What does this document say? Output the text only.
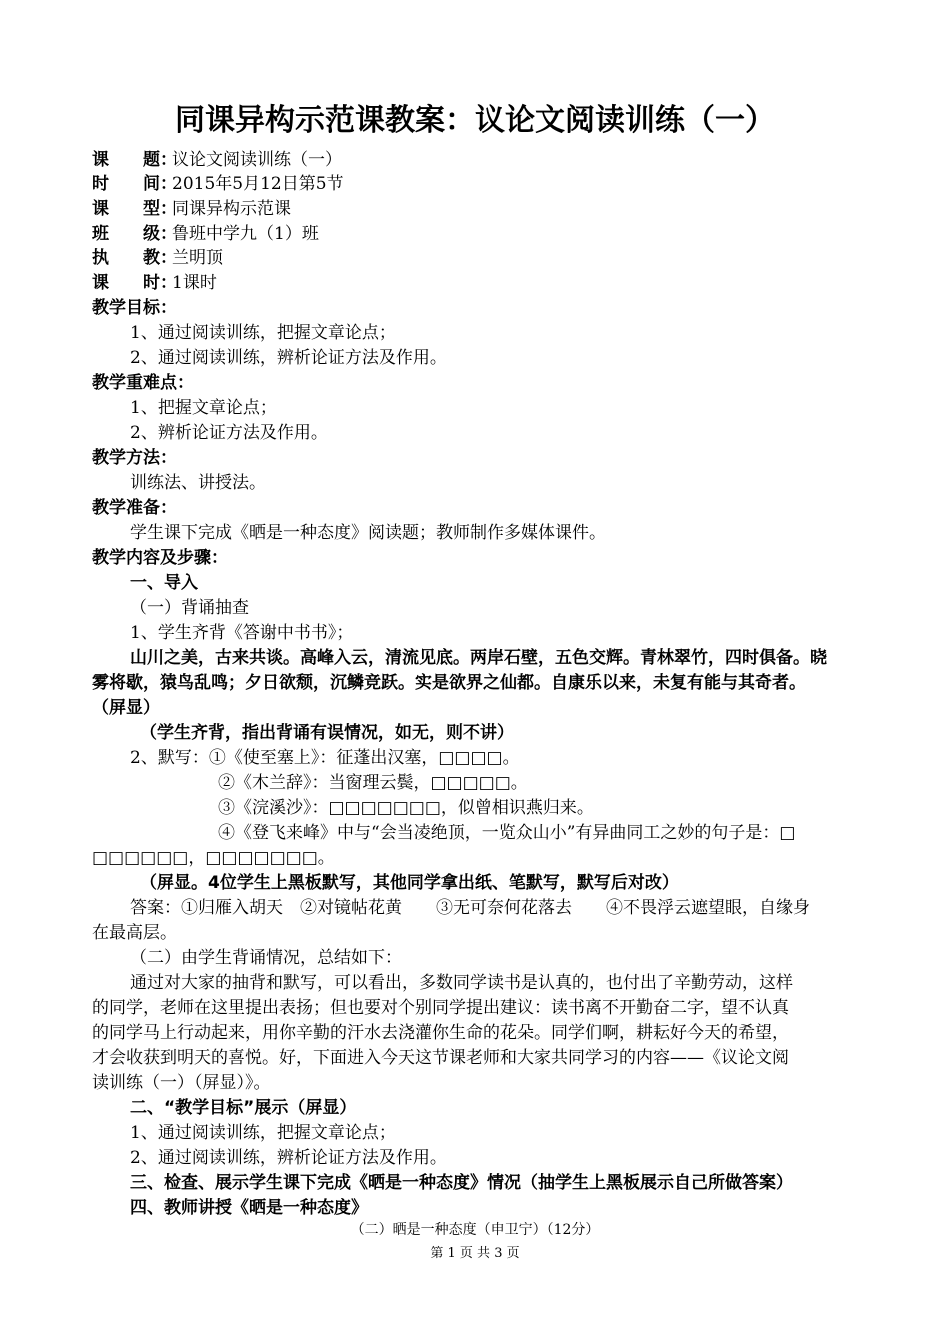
同课异构示范课教案：议论文阅读训练（一）
课　　题：议论文阅读训练（一）
时　　间：2015年5月12日第5节
课　　型：同课异构示范课
班　　级：鲁班中学九（1）班
执　　教：兰明顶
课　　时：1课时
教学目标：
1、通过阅读训练，把握文章论点；
2、通过阅读训练，辨析论证方法及作用。
教学重难点：
1、把握文章论点；
2、辨析论证方法及作用。
教学方法：
训练法、讲授法。
教学准备：
学生课下完成《晒是一种态度》阅读题；教师制作多媒体课件。
教学内容及步骤：
一、导入
（一）背诵抽查
1、学生齐背《答谢中书书》；
山川之美，古来共谈。高峰入云，清流见底。两岸石壁，五色交辉。青林翠竹，四时俱备。晓
雾将歇，猿鸟乱鸣；夕日欲颓，沉鳞竞跃。实是欲界之仙都。自康乐以来，未复有能与其奇者。
（屏显）
（学生齐背，指出背诵有误情况，如无，则不讲）
2、默写：①《使至塞上》：征蓬出汉塞，□□□□。
②《木兰辞》：当窗理云鬓，□□□□□。
③《浣溪沙》：□□□□□□□，似曾相识燕归来。
④《登飞来峰》中与“会当凌绝顶，一览众山小”有异曲同工之妙的句子是：□
□□□□□□，□□□□□□□。
（屏显。4位学生上黑板默写，其他同学拿出纸、笔默写，默写后对改）
答案：①归雁入胡天　②对镜帖花黄　　③无可奈何花落去　　④不畏浮云遮望眼，自缘身
在最高层。
（二）由学生背诵情况，总结如下：
通过对大家的抽背和默写，可以看出，多数同学读书是认真的，也付出了辛勤劳动，这样
的同学，老师在这里提出表扬；但也要对个别同学提出建议：读书离不开勤奋二字，望不认真
的同学马上行动起来，用你辛勤的汗水去浇灌你生命的花朵。同学们啊，耕耘好今天的希望，
才会收获到明天的喜悦。好，下面进入今天这节课老师和大家共同学习的内容——《议论文阅
读训练（一）（屏显）》。
二、“教学目标”展示（屏显）
1、通过阅读训练，把握文章论点；
2、通过阅读训练，辨析论证方法及作用。
三、检查、展示学生课下完成《晒是一种态度》情况（抽学生上黑板展示自己所做答案）
四、教师讲授《晒是一种态度》
（二）晒是一种态度（申卫宁）（12分）
第 1 页 共 3 页
